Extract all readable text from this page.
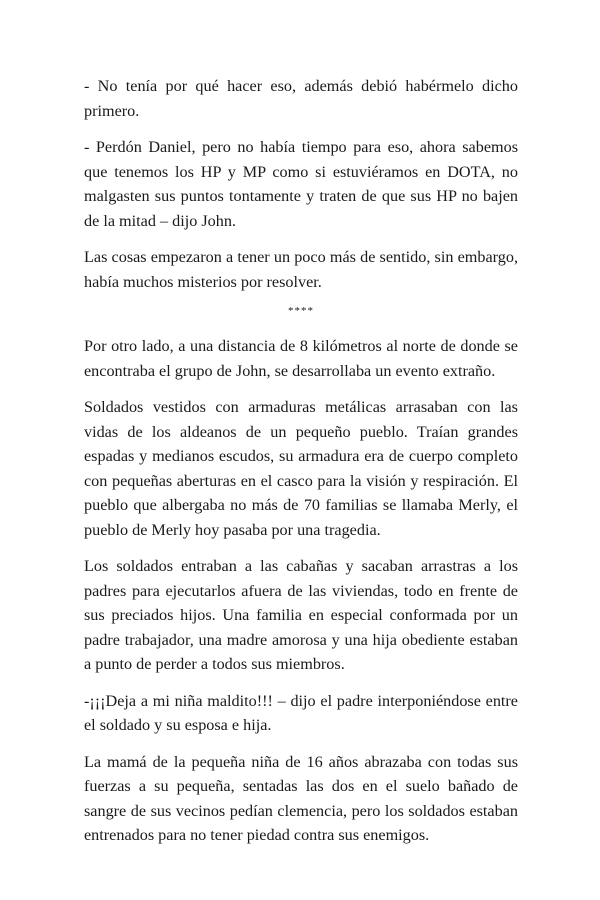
- No tenía por qué hacer eso, además debió habérmelo dicho primero.

- Perdón Daniel, pero no había tiempo para eso, ahora sabemos que tenemos los HP y MP como si estuviéramos en DOTA, no malgasten sus puntos tontamente y traten de que sus HP no bajen de la mitad – dijo John.

Las cosas empezaron a tener un poco más de sentido, sin embargo, había muchos misterios por resolver.

****

Por otro lado, a una distancia de 8 kilómetros al norte de donde se encontraba el grupo de John, se desarrollaba un evento extraño.

Soldados vestidos con armaduras metálicas arrasaban con las vidas de los aldeanos de un pequeño pueblo. Traían grandes espadas y medianos escudos, su armadura era de cuerpo completo con pequeñas aberturas en el casco para la visión y respiración. El pueblo que albergaba no más de 70 familias se llamaba Merly, el pueblo de Merly hoy pasaba por una tragedia.

Los soldados entraban a las cabañas y sacaban arrastras a los padres para ejecutarlos afuera de las viviendas, todo en frente de sus preciados hijos. Una familia en especial conformada por un padre trabajador, una madre amorosa y una hija obediente estaban a punto de perder a todos sus miembros.

-¡¡¡Deja a mi niña maldito!!! – dijo el padre interponiéndose entre el soldado y su esposa e hija.

La mamá de la pequeña niña de 16 años abrazaba con todas sus fuerzas a su pequeña, sentadas las dos en el suelo bañado de sangre de sus vecinos pedían clemencia, pero los soldados estaban entrenados para no tener piedad contra sus enemigos.
